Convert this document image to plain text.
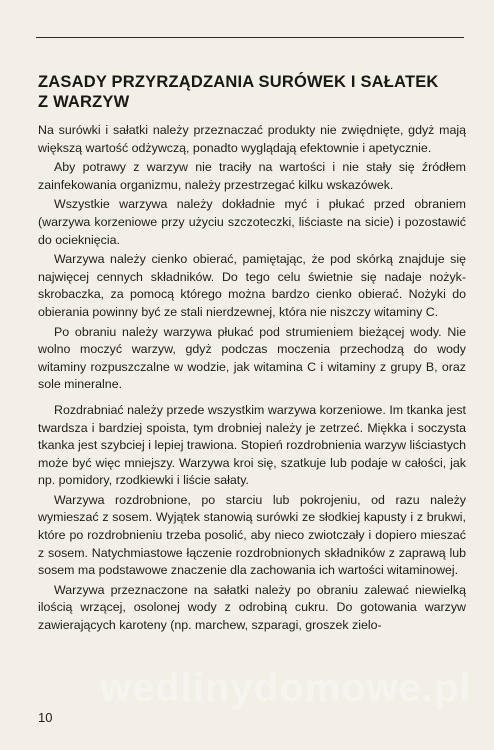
ZASADY PRZYRZĄDZANIA SURÓWEK I SAŁATEK
Z WARZYW

Na surówki i sałatki należy przeznaczać produkty nie zwiędnięte, gdyż mają większą wartość odżywczą, ponadto wyglądają efektownie i apetycznie.

Aby potrawy z warzyw nie traciły na wartości i nie stały się źródłem zainfekowania organizmu, należy przestrzegać kilku wskazówek.

Wszystkie warzywa należy dokładnie myć i płukać przed obraniem (warzywa korzeniowe przy użyciu szczoteczki, liściaste na sicie) i pozostawić do ocieknięcia.

Warzywa należy cienko obierać, pamiętając, że pod skórką znajduje się najwięcej cennych składników. Do tego celu świetnie się nadaje nożyk-skrobaczka, za pomocą którego można bardzo cienko obierać. Nożyki do obierania powinny być ze stali nierdzewnej, która nie niszczy witaminy C.

Po obraniu należy warzywa płukać pod strumieniem bieżącej wody. Nie wolno moczyć warzyw, gdyż podczas moczenia przechodzą do wody witaminy rozpuszczalne w wodzie, jak witamina C i witaminy z grupy B, oraz sole mineralne.

Rozdrabniać należy przede wszystkim warzywa korzeniowe. Im tkanka jest twardsza i bardziej spoista, tym drobniej należy je zetrzeć. Miękka i soczysta tkanka jest szybciej i lepiej trawiona. Stopień rozdrobnienia warzyw liściastych może być więc mniejszy. Warzywa kroi się, szatkuje lub podaje w całości, jak np. pomidory, rzodkiewki i liście sałaty.

Warzywa rozdrobnione, po starciu lub pokrojeniu, od razu należy wymieszać z sosem. Wyjątek stanowią surówki ze słodkiej kapusty i z brukwi, które po rozdrobnieniu trzeba posolić, aby nieco zwiotczały i dopiero mieszać z sosem. Natychmiastowe łączenie rozdrobnionych składników z zaprawą lub sosem ma podstawowe znaczenie dla zachowania ich wartości witaminowej.

Warzywa przeznaczone na sałatki należy po obraniu zalewać niewielką ilością wrzącej, osolonej wody z odrobiną cukru. Do gotowania warzyw zawierających karoteny (np. marchew, szparagi, groszek zielo-

wedlinydomowe.pl
10
